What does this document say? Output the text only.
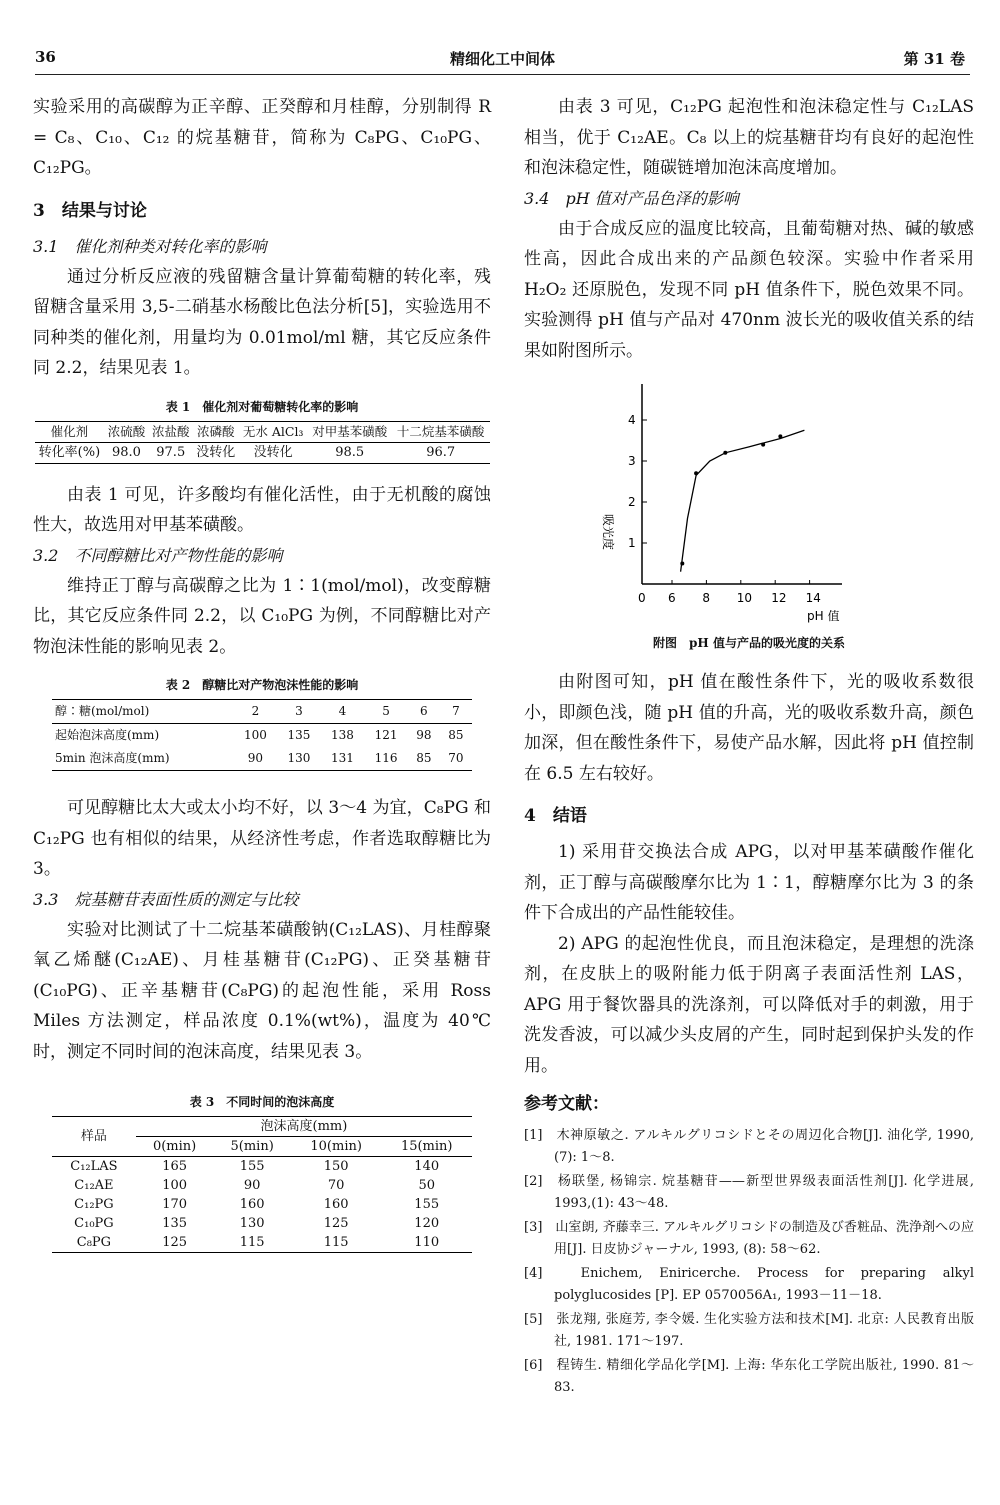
36	精细化工中间体	第 31 卷

实验采用的高碳醇为正辛醇、正癸醇和月桂醇，分别制得 R = C₈、C₁₀、C₁₂ 的烷基糖苷，简称为 C₈PG、C₁₀PG、C₁₂PG。

3　结果与讨论
3.1　催化剂种类对转化率的影响

通过分析反应液的残留糖含量计算葡萄糖的转化率，残留糖含量采用 3,5-二硝基水杨酸比色法分析[5]，实验选用不同种类的催化剂，用量均为 0.01mol/ml 糖，其它反应条件同 2.2，结果见表 1。

表 1　催化剂对葡萄糖转化率的影响
催化剂	浓硫酸	浓盐酸	浓磷酸	无水 AlCl₃	对甲基苯磺酸	十二烷基苯磺酸
转化率(%)	98.0	97.5	没转化	没转化	98.5	96.7

由表 1 可见，许多酸均有催化活性，由于无机酸的腐蚀性大，故选用对甲基苯磺酸。

3.2　不同醇糖比对产物性能的影响

维持正丁醇与高碳醇之比为 1∶1(mol/mol)，改变醇糖比，其它反应条件同 2.2，以 C₁₀PG 为例，不同醇糖比对产物泡沫性能的影响见表 2。

表 2　醇糖比对产物泡沫性能的影响
醇∶糖(mol/mol)	2	3	4	5	6	7
起始泡沫高度(mm)	100	135	138	121	98	85
5min 泡沫高度(mm)	90	130	131	116	85	70

可见醇糖比太大或太小均不好，以 3～4 为宜，C₈PG 和 C₁₂PG 也有相似的结果，从经济性考虑，作者选取醇糖比为 3。

3.3　烷基糖苷表面性质的测定与比较

实验对比测试了十二烷基苯磺酸钠(C₁₂LAS)、月桂醇聚氧乙烯醚(C₁₂AE)、月桂基糖苷(C₁₂PG)、正癸基糖苷(C₁₀PG)、正辛基糖苷(C₈PG)的起泡性能，采用 Ross Miles 方法测定，样品浓度 0.1%(wt%)，温度为 40℃ 时，测定不同时间的泡沫高度，结果见表 3。

表 3　不同时间的泡沫高度
样品	泡沫高度(mm)			
	0(min)	5(min)	10(min)	15(min)
C₁₂LAS	165	155	150	140
C₁₂AE	100	90	70	50
C₁₂PG	170	160	160	155
C₁₀PG	135	130	125	120
C₈PG	125	115	115	110

由表 3 可见，C₁₂PG 起泡性和泡沫稳定性与 C₁₂LAS 相当，优于 C₁₂AE。C₈ 以上的烷基糖苷均有良好的起泡性和泡沫稳定性，随碳链增加泡沫高度增加。

3.4　pH 值对产品色泽的影响

由于合成反应的温度比较高，且葡萄糖对热、碱的敏感性高，因此合成出来的产品颜色较深。实验中作者采用 H₂O₂ 还原脱色，发现不同 pH 值条件下，脱色效果不同。实验测得 pH 值与产品对 470nm 波长光的吸收值关系的结果如附图所示。

吸光度
pH 值
0 6 8 10 12 14
1
2
3
4
附图　pH 值与产品的吸光度的关系

由附图可知，pH 值在酸性条件下，光的吸收系数很小，即颜色浅，随 pH 值的升高，光的吸收系数升高，颜色加深，但在酸性条件下，易使产品水解，因此将 pH 值控制在 6.5 左右较好。

4　结语

1) 采用苷交换法合成 APG，以对甲基苯磺酸作催化剂，正丁醇与高碳酸摩尔比为 1∶1，醇糖摩尔比为 3 的条件下合成出的产品性能较佳。

2) APG 的起泡性优良，而且泡沫稳定，是理想的洗涤剂，在皮肤上的吸附能力低于阴离子表面活性剂 LAS，APG 用于餐饮器具的洗涤剂，可以降低对手的刺激，用于洗发香波，可以减少头皮屑的产生，同时起到保护头发的作用。

参考文献：
[1]　木神原敏之. アルキルグリコシドとその周辺化合物[J]. 油化学, 1990, (7): 1～8.
[2]　杨联堡, 杨锦宗. 烷基糖苷——新型世界级表面活性剂[J]. 化学进展, 1993,(1): 43～48.
[3]　山室朗, 齐藤幸三. アルキルグリコシドの制造及び香粧品、洗浄剤への应用[J]. 日皮协ジャーナル, 1993, (8): 58～62.
[4]　Enichem, Eniricerche. Process for preparing alkyl polyglucosides [P]. EP 0570056A₁, 1993－11－18.
[5]　张龙翔, 张庭芳, 李令媛. 生化实验方法和技术[M]. 北京: 人民教育出版社, 1981. 171～197.
[6]　程铸生. 精细化学品化学[M]. 上海: 华东化工学院出版社, 1990. 81～83.
